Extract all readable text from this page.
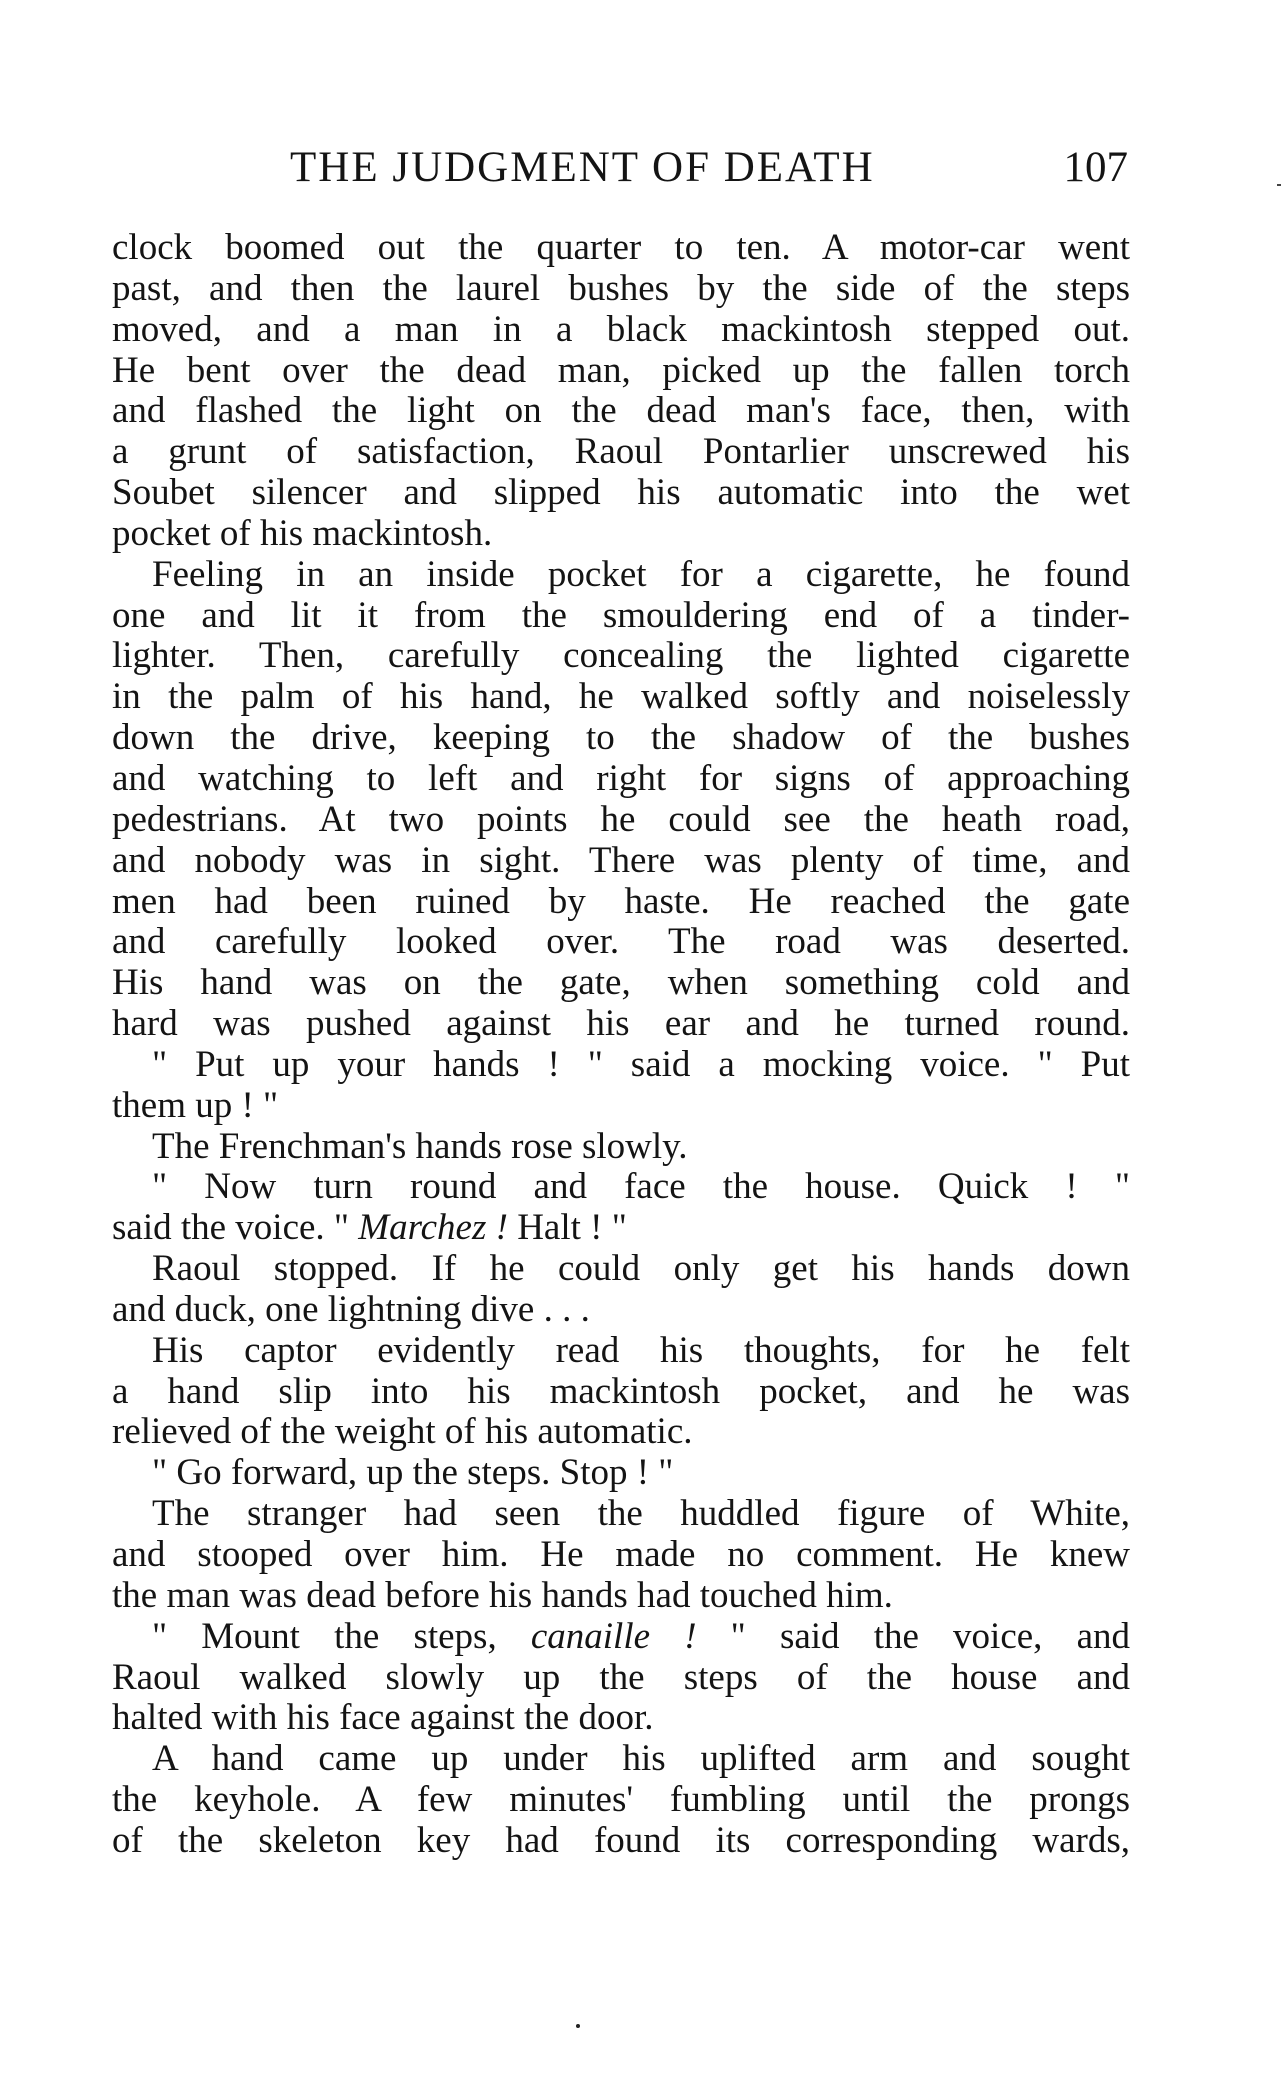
THE JUDGMENT OF DEATH	107
clock boomed out the quarter to ten. A motor-car went
past, and then the laurel bushes by the side of the steps
moved, and a man in a black mackintosh stepped out.
He bent over the dead man, picked up the fallen torch
and flashed the light on the dead man's face, then, with
a grunt of satisfaction, Raoul Pontarlier unscrewed his
Soubet silencer and slipped his automatic into the wet
pocket of his mackintosh.
Feeling in an inside pocket for a cigarette, he found
one and lit it from the smouldering end of a tinder-
lighter. Then, carefully concealing the lighted cigarette
in the palm of his hand, he walked softly and noiselessly
down the drive, keeping to the shadow of the bushes
and watching to left and right for signs of approaching
pedestrians. At two points he could see the heath road,
and nobody was in sight. There was plenty of time, and
men had been ruined by haste. He reached the gate
and carefully looked over. The road was deserted.
His hand was on the gate, when something cold and
hard was pushed against his ear and he turned round.
" Put up your hands ! " said a mocking voice. " Put
them up ! "
The Frenchman's hands rose slowly.
" Now turn round and face the house. Quick ! "
said the voice. " Marchez ! Halt ! "
Raoul stopped. If he could only get his hands down
and duck, one lightning dive . . .
His captor evidently read his thoughts, for he felt
a hand slip into his mackintosh pocket, and he was
relieved of the weight of his automatic.
" Go forward, up the steps. Stop ! "
The stranger had seen the huddled figure of White,
and stooped over him. He made no comment. He knew
the man was dead before his hands had touched him.
" Mount the steps, canaille ! " said the voice, and
Raoul walked slowly up the steps of the house and
halted with his face against the door.
A hand came up under his uplifted arm and sought
the keyhole. A few minutes' fumbling until the prongs
of the skeleton key had found its corresponding wards,
